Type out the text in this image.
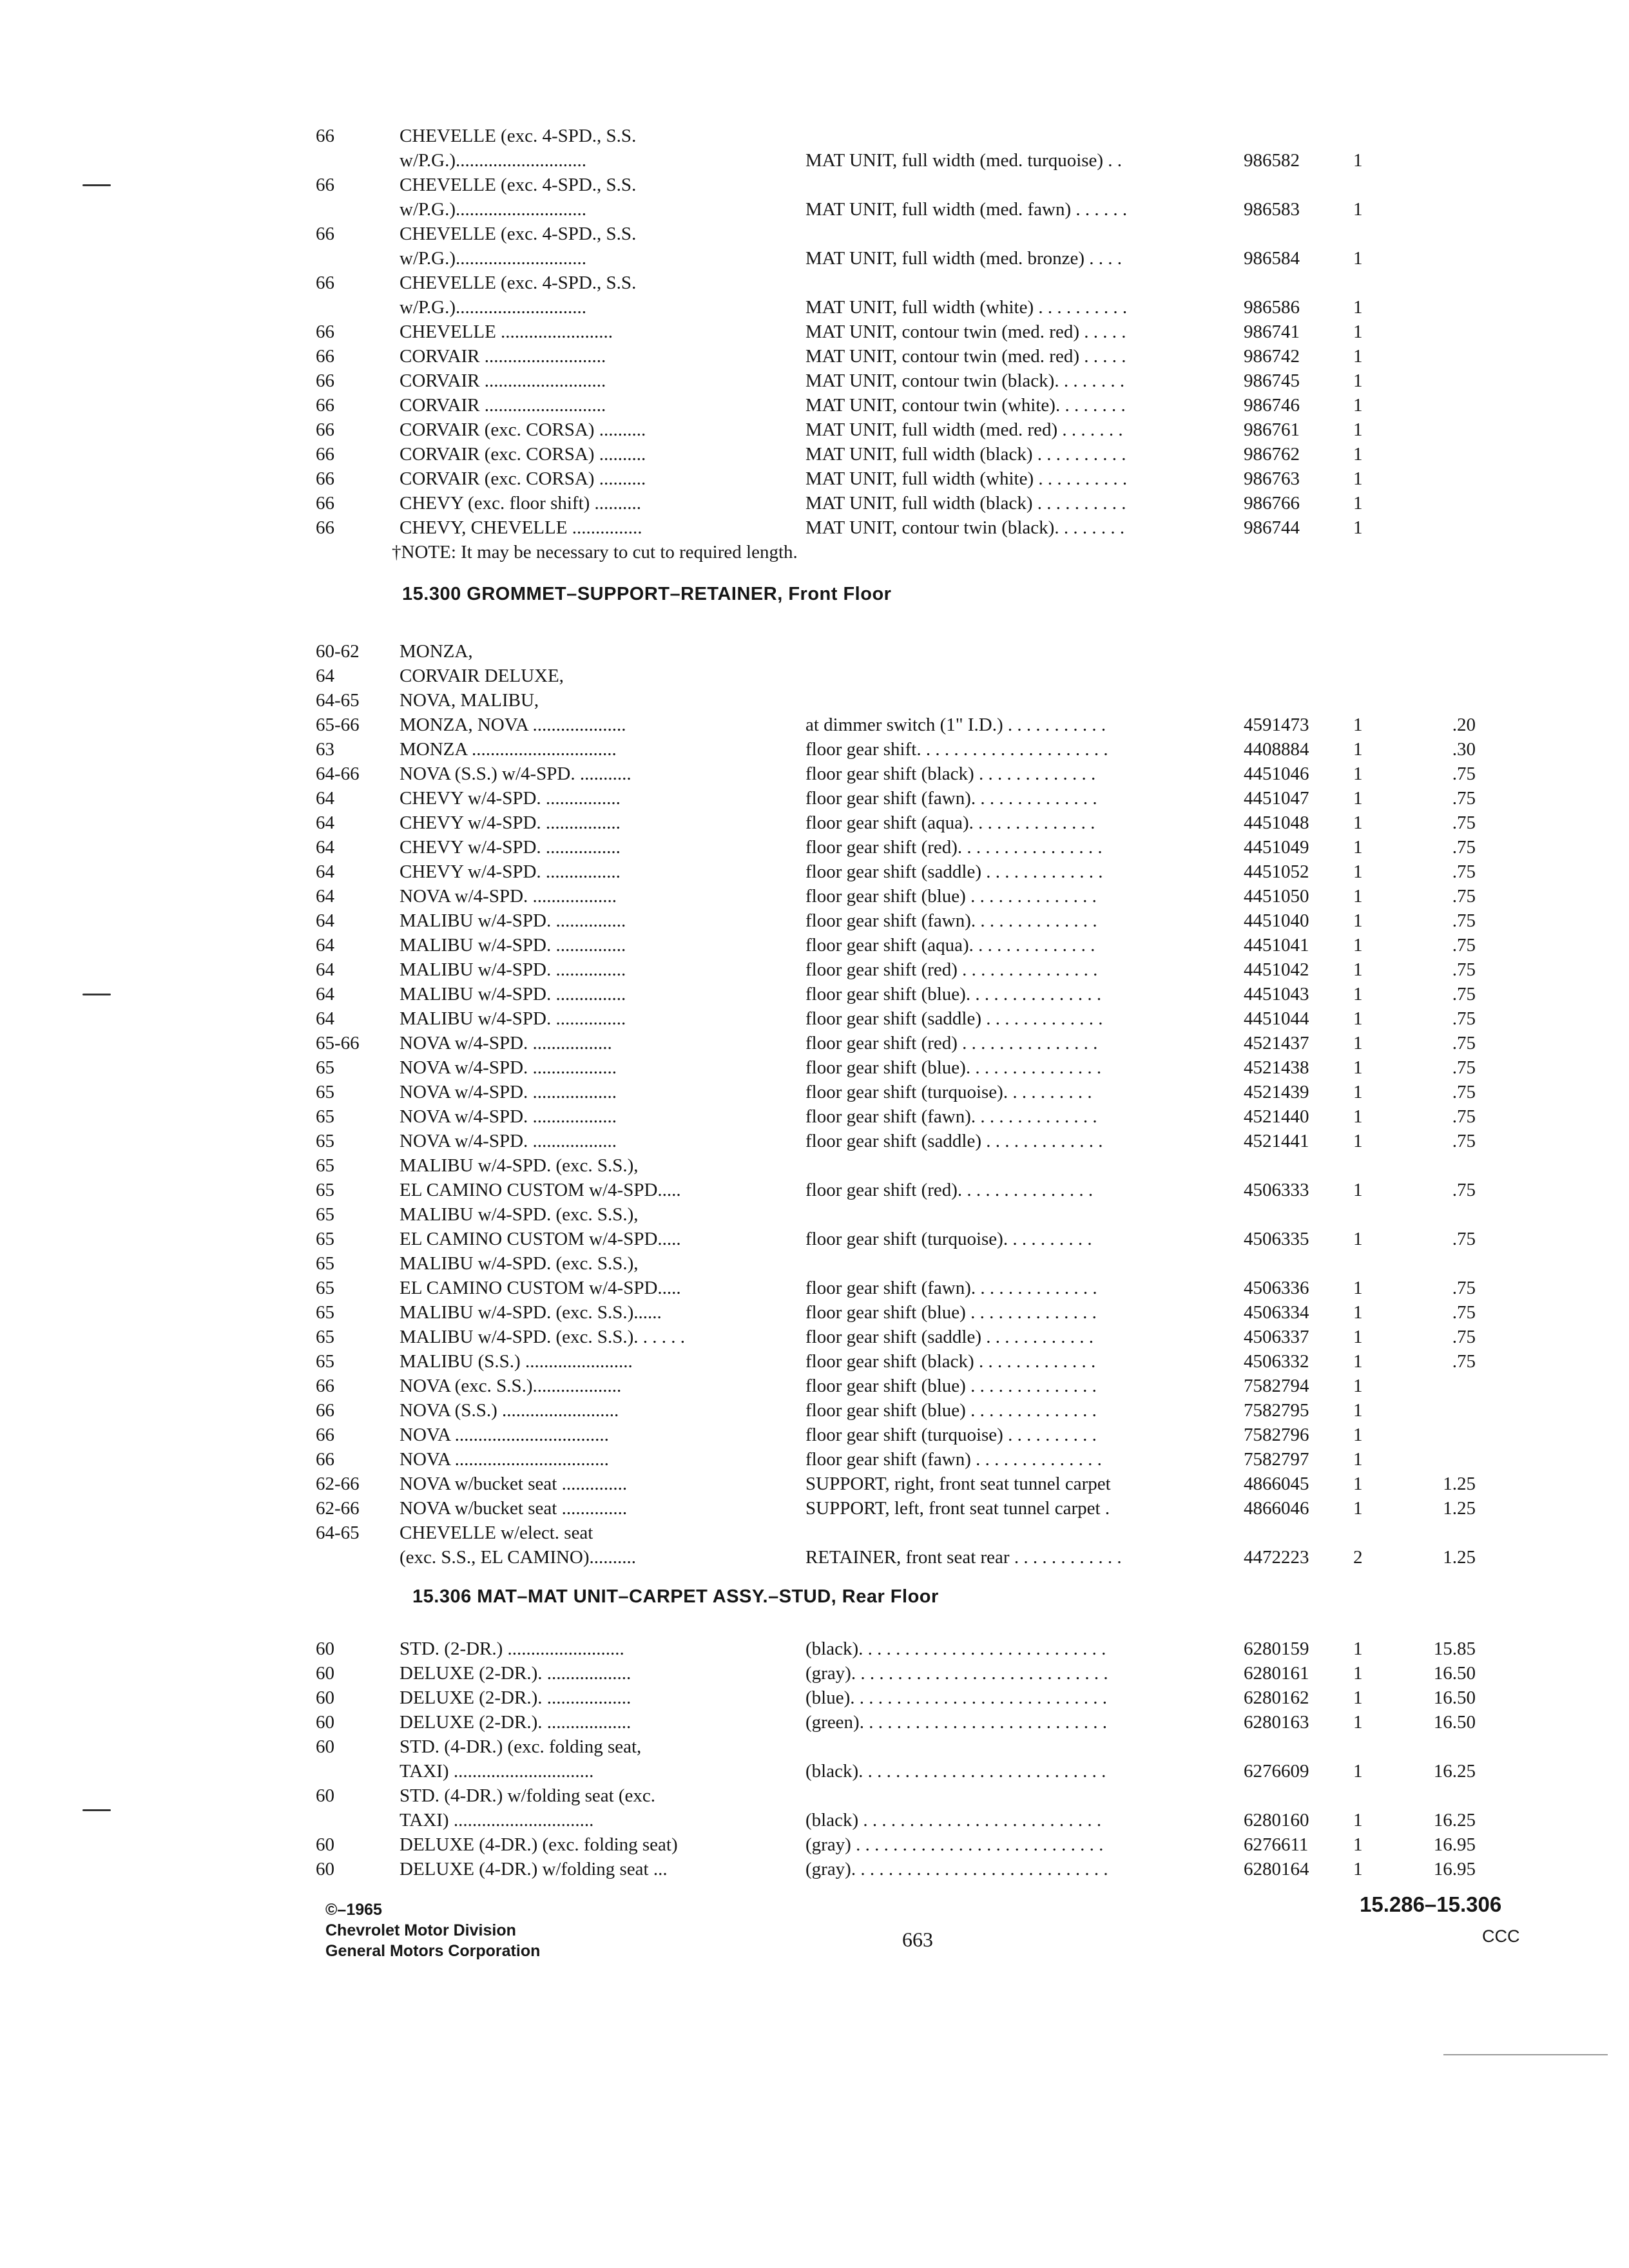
66	CHEVELLE (exc. 4-SPD., S.S.
w/P.G.)............................	MAT UNIT, full width (med. turquoise) . .	986582	1
66	CHEVELLE (exc. 4-SPD., S.S.
w/P.G.)............................	MAT UNIT, full width (med. fawn) . . . . . .	986583	1
66	CHEVELLE (exc. 4-SPD., S.S.
w/P.G.)............................	MAT UNIT, full width (med. bronze) . . . .	986584	1
66	CHEVELLE (exc. 4-SPD., S.S.
w/P.G.)............................	MAT UNIT, full width (white) . . . . . . . . . .	986586	1
66	CHEVELLE ........................	MAT UNIT, contour twin (med. red) . . . . .	986741	1
66	CORVAIR ..........................	MAT UNIT, contour twin (med. red) . . . . .	986742	1
66	CORVAIR ..........................	MAT UNIT, contour twin (black). . . . . . . .	986745	1
66	CORVAIR ..........................	MAT UNIT, contour twin (white). . . . . . . .	986746	1
66	CORVAIR (exc. CORSA) ..........	MAT UNIT, full width (med. red) . . . . . . .	986761	1
66	CORVAIR (exc. CORSA) ..........	MAT UNIT, full width (black) . . . . . . . . . .	986762	1
66	CORVAIR (exc. CORSA) ..........	MAT UNIT, full width (white) . . . . . . . . . .	986763	1
66	CHEVY (exc. floor shift) ..........	MAT UNIT, full width (black) . . . . . . . . . .	986766	1
66	CHEVY, CHEVELLE ...............	MAT UNIT, contour twin (black). . . . . . . .	986744	1
†NOTE: It may be necessary to cut to required length.
15.300 GROMMET–SUPPORT–RETAINER, Front Floor
60-62 MONZA,
64	CORVAIR DELUXE,
64-65 NOVA, MALIBU,
65-66 MONZA, NOVA ....................	at dimmer switch (1" I.D.) . . . . . . . . . . .	4591473 1	.20
63	MONZA ...............................	floor gear shift. . . . . . . . . . . . . . . . . . . . .	4408884 1	.30
64-66 NOVA (S.S.) w/4-SPD. ...........	floor gear shift (black) . . . . . . . . . . . . .	4451046 1	.75
64	CHEVY w/4-SPD. ................	floor gear shift (fawn). . . . . . . . . . . . . .	4451047 1	.75
64	CHEVY w/4-SPD. ................	floor gear shift (aqua). . . . . . . . . . . . . .	4451048 1	.75
64	CHEVY w/4-SPD. ................	floor gear shift (red). . . . . . . . . . . . . . . .	4451049 1	.75
64	CHEVY w/4-SPD. ................	floor gear shift (saddle) . . . . . . . . . . . . .	4451052 1	.75
64	NOVA w/4-SPD. ..................	floor gear shift (blue) . . . . . . . . . . . . . .	4451050 1	.75
64	MALIBU w/4-SPD. ...............	floor gear shift (fawn). . . . . . . . . . . . . .	4451040 1	.75
64	MALIBU w/4-SPD. ...............	floor gear shift (aqua). . . . . . . . . . . . . .	4451041 1	.75
64	MALIBU w/4-SPD. ...............	floor gear shift (red) . . . . . . . . . . . . . . .	4451042 1	.75
64	MALIBU w/4-SPD. ...............	floor gear shift (blue). . . . . . . . . . . . . . .	4451043 1	.75
64	MALIBU w/4-SPD. ...............	floor gear shift (saddle) . . . . . . . . . . . . .	4451044 1	.75
65-66 NOVA w/4-SPD. .................	floor gear shift (red) . . . . . . . . . . . . . . .	4521437 1	.75
65	NOVA w/4-SPD. ..................	floor gear shift (blue). . . . . . . . . . . . . . .	4521438 1	.75
65	NOVA w/4-SPD. ..................	floor gear shift (turquoise). . . . . . . . . .	4521439 1	.75
65	NOVA w/4-SPD. ..................	floor gear shift (fawn). . . . . . . . . . . . . .	4521440 1	.75
65	NOVA w/4-SPD. ..................	floor gear shift (saddle) . . . . . . . . . . . . .	4521441 1	.75
65	MALIBU w/4-SPD. (exc. S.S.),
65	EL CAMINO CUSTOM w/4-SPD.....	floor gear shift (red). . . . . . . . . . . . . . .	4506333 1	.75
65	MALIBU w/4-SPD. (exc. S.S.),
65	EL CAMINO CUSTOM w/4-SPD.....	floor gear shift (turquoise). . . . . . . . . .	4506335 1	.75
65	MALIBU w/4-SPD. (exc. S.S.),
65	EL CAMINO CUSTOM w/4-SPD.....	floor gear shift (fawn). . . . . . . . . . . . . .	4506336 1	.75
65	MALIBU w/4-SPD. (exc. S.S.)......	floor gear shift (blue) . . . . . . . . . . . . . .	4506334 1	.75
65	MALIBU w/4-SPD. (exc. S.S.). . . . . .	floor gear shift (saddle) . . . . . . . . . . . .	4506337 1	.75
65	MALIBU (S.S.) .......................	floor gear shift (black) . . . . . . . . . . . . .	4506332 1	.75
66	NOVA (exc. S.S.)...................	floor gear shift (blue) . . . . . . . . . . . . . .	7582794 1
66	NOVA (S.S.) .........................	floor gear shift (blue) . . . . . . . . . . . . . .	7582795 1
66	NOVA .................................	floor gear shift (turquoise) . . . . . . . . . .	7582796 1
66	NOVA .................................	floor gear shift (fawn) . . . . . . . . . . . . . .	7582797 1
62-66 NOVA w/bucket seat ..............	SUPPORT, right, front seat tunnel carpet	4866045 1	1.25
62-66 NOVA w/bucket seat ..............	SUPPORT, left, front seat tunnel carpet .	4866046 1	1.25
64-65 CHEVELLE w/elect. seat
(exc. S.S., EL CAMINO)..........	RETAINER, front seat rear . . . . . . . . . . . .	4472223 2	1.25
15.306 MAT–MAT UNIT–CARPET ASSY.–STUD, Rear Floor
60	STD. (2-DR.) .........................	(black). . . . . . . . . . . . . . . . . . . . . . . . . . .	6280159 1	15.85
60	DELUXE (2-DR.). ..................	(gray). . . . . . . . . . . . . . . . . . . . . . . . . . . .	6280161 1	16.50
60	DELUXE (2-DR.). ..................	(blue). . . . . . . . . . . . . . . . . . . . . . . . . . . .	6280162 1	16.50
60	DELUXE (2-DR.). ..................	(green). . . . . . . . . . . . . . . . . . . . . . . . . . .	6280163 1	16.50
60	STD. (4-DR.) (exc. folding seat,
TAXI) ..............................	(black). . . . . . . . . . . . . . . . . . . . . . . . . . .	6276609 1	16.25
60	STD. (4-DR.) w/folding seat (exc.
TAXI) ..............................	(black) . . . . . . . . . . . . . . . . . . . . . . . . . .	6280160 1	16.25
60	DELUXE (4-DR.) (exc. folding seat)	(gray) . . . . . . . . . . . . . . . . . . . . . . . . . . .	6276611 1	16.95
60	DELUXE (4-DR.) w/folding seat ...	(gray). . . . . . . . . . . . . . . . . . . . . . . . . . . .	6280164 1	16.95
©–1965
Chevrolet Motor Division
General Motors Corporation	663
15.286–15.306
CCC
